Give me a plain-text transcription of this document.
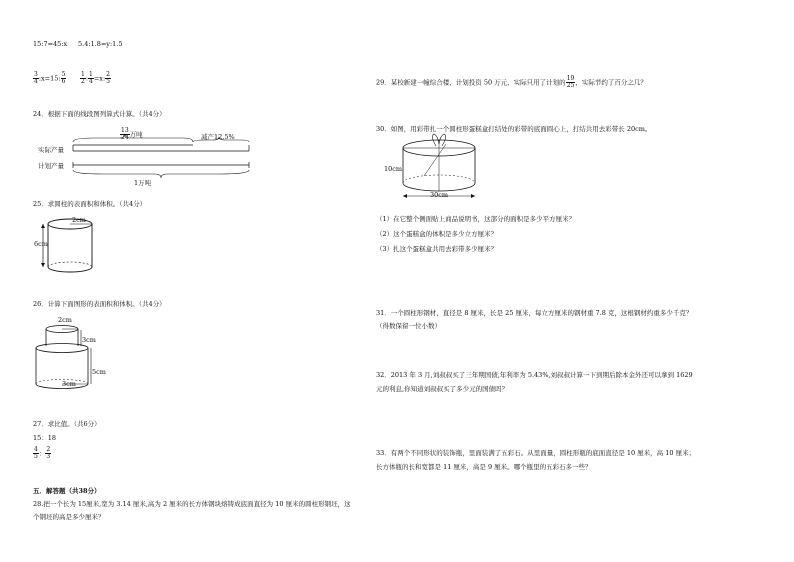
15:7=45:x 5.4:1.8=y:1.5
$\frac{3}{4}$ :x=15: $\frac{5}{6} \frac{1}{2}$ : $\frac{1}{4} =x$: $\frac{2}{5}$
24．根据下面的线段图列算式计算。（共4分）
$\frac{13}{24}$ 万吨	减产12.5%
实际产量
计划产量
1万吨
25．求圆柱的表面积和体积。（共4分）
2cm
6cm
26．计算下面图形的表面积和体积。（共4分）
2cm
3cm
5cm
3cm
27．求比值。（共6分）
15：18
$\frac{4}{5}$ ： $\frac{2}{3}$
五．解答题（共38分）
28.把一个长为 15厘米,宽为 3.14 厘米,高为 2 厘米的长方体钢块熔铸成底面直径为 10 厘米的圆柱形钢坯，这
个钢坯的高是多少厘米？
29．某校新建一幢综合楼，计划投资 50 万元，实际只用了计划的 $\frac{19}{25}$ ，实际节约了百分之几？
30．如图，用彩带扎一个圆柱形蛋糕盒打结处的彩带的底面圆心上，打结共用去彩带长 20cm。
10cm
30cm
（1）在它整个侧面贴上商品说明书，这部分的面积是多少平方厘米？
（2）这个蛋糕盒的体积是多少立方厘米？
（3）扎这个蛋糕盒共用去彩带多少厘米？
31．一个圆柱形钢材，直径是 8 厘米，长是 25 厘米，每立方厘米的钢材重 7.8 克，这根钢材约重多少千克？
（得数保留一位小数）
32．2013 年 3 月,刘叔叔买了三年期国债,年利率为 5.43%,刘叔叔计算一下到期后除本金外还可以拿到 1629
元的利息,你知道刘叔叔买了多少元的国债吗？
33．有两个不同形状的装饰瓶，里面装满了五彩石。从里面量，圆柱形瓶的底面直径是 10 厘米，高 10 厘米；
长方体瓶的长和宽都是 11 厘米，高是 9 厘米。哪个瓶里的五彩石多一些？
